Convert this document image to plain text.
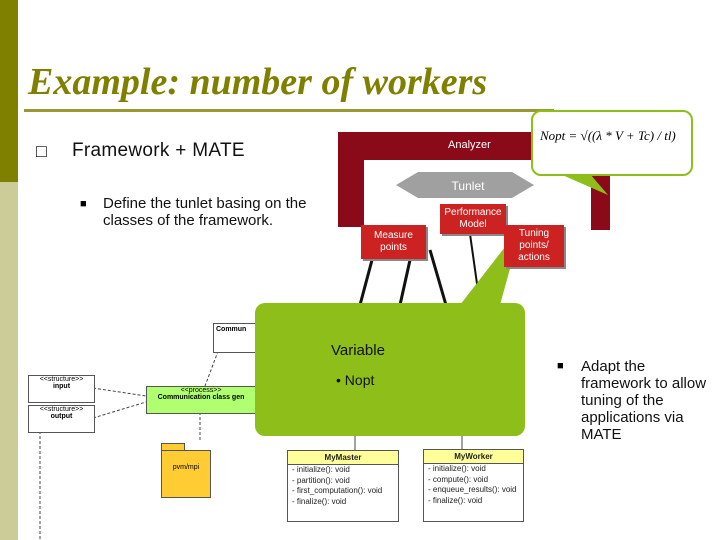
Example: number of workers
□ Framework + MATE
■ Define the tunlet basing on the classes of the framework.
Analyzer
Tunlet
Measure points
Performance Model
Tuning points/ actions
Commun
<<structure>>
input
<<structure>>
output
<<process>>
Communication class gen
pvm/mpi
MyMaster
- initialize(): void
- partition(): void
- first_computation(): void
- finalize(): void
MyWorker
- initialize(): void
- compute(): void
- enqueue_results(): void
- finalize(): void
Variable
• Nopt
Nopt = √((λ * V + Tc) / tl)
■ Adapt the framework to allow tuning of the applications via MATE
